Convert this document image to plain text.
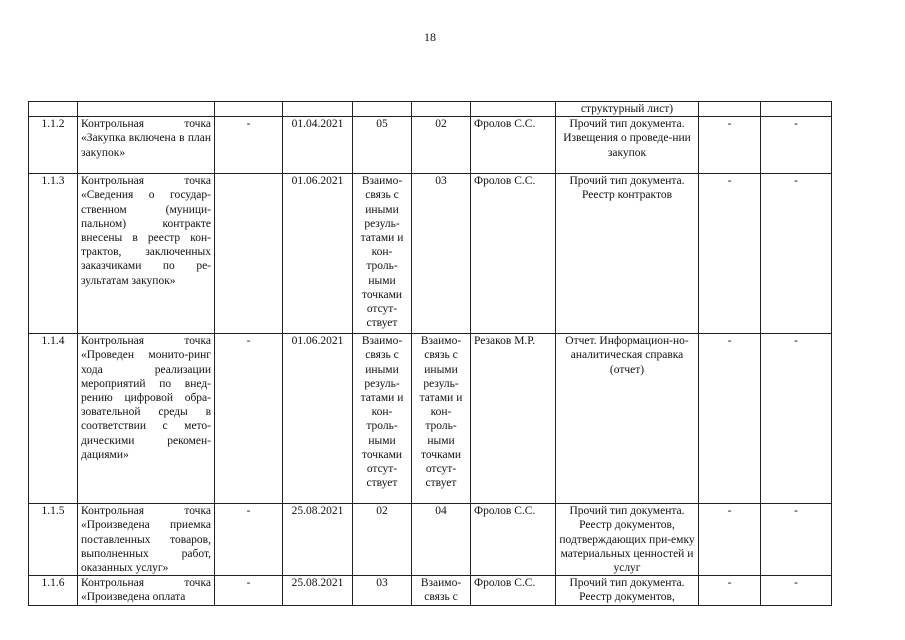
18
							структурный лист)		
1.1.2	Контрольная точка «Закупка включена в план закупок»	-	01.04.2021	05	02	Фролов С.С.	Прочий тип документа. Извещения о проведе-нии закупок	-	-
1.1.3	Контрольная точка «Сведения о государ-ственном (муници-пальном) контракте внесены в реестр кон-трактов, заключенных заказчиками по ре-зультатам закупок»		01.06.2021	Взаимо-связь с иными резуль-татами и кон-троль-ными точками отсут-ствует	03	Фролов С.С.	Прочий тип документа. Реестр контрактов	-	-
1.1.4	Контрольная точка «Проведен монито-ринг хода реализации мероприятий по внед-рению цифровой обра-зовательной среды в соответствии с мето-дическими рекомен-дациями»	-	01.06.2021	Взаимо-связь с иными резуль-татами и кон-троль-ными точками отсут-ствует	Взаимо-связь с иными резуль-татами и кон-троль-ными точками отсут-ствует	Резаков М.Р.	Отчет. Информацион-но-аналитическая справка (отчет)	-	-
1.1.5	Контрольная точка «Произведена приемка поставленных товаров, выполненных работ, оказанных услуг»	-	25.08.2021	02	04	Фролов С.С.	Прочий тип документа. Реестр документов, подтверждающих при-емку материальных ценностей и услуг	-	-
1.1.6	Контрольная точка «Произведена оплата	-	25.08.2021	03	Взаимо-связь с	Фролов С.С.	Прочий тип документа. Реестр документов,	-	-
